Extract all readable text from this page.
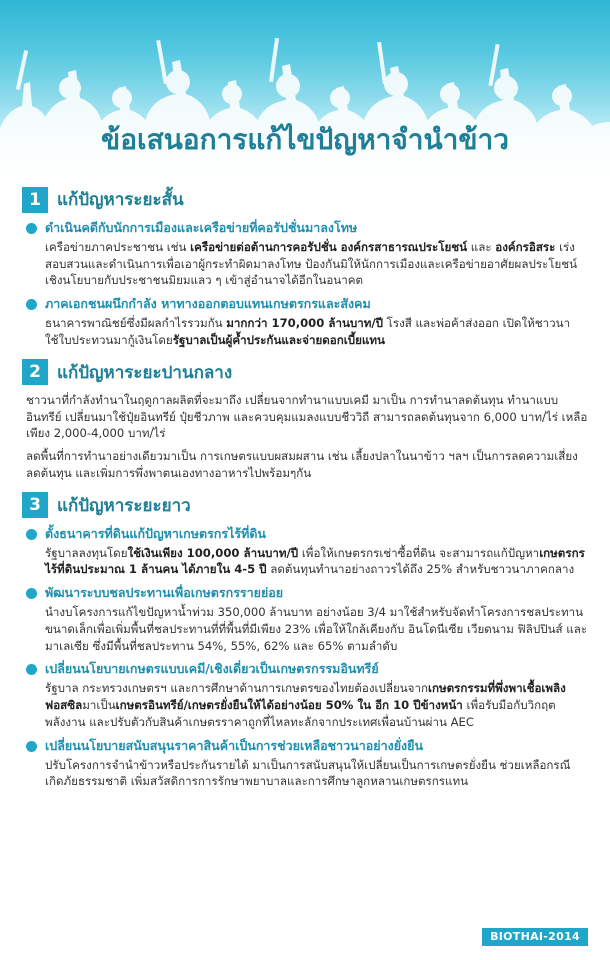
ข้อเสนอการแก้ไขปัญหาจำนำข้าว
1 แก้ปัญหาระยะสั้น
ดำเนินคดีกับนักการเมืองและเครือข่ายที่คอรัปชั่นมาลงโทษ
เครือข่ายภาคประชาชน เช่น เครือข่ายต่อต้านการคอรัปชั่น องค์กรสาธารณประโยชน์ และ องค์กรอิสระ เร่งสอบสวนและดำเนินการเพื่อเอาผู้กระทำผิดมาลงโทษ ป้องกันมิให้นักการเมืองและเครือข่ายอาศัยผลประโยชน์เชิงนโยบายกับประชาชนมิยมแลว ๆ เข้าสู่อำนาจได้อีกในอนาคต
ภาคเอกชนผนึกกำลัง หาทางออกตอบแทนเกษตรกรและสังคม
ธนาคารพาณิชย์ซึ่งมีผลกำไรรวมกัน มากกว่า 170,000 ล้านบาท/ปี โรงสี และพ่อค้าส่งออก เปิดให้ชาวนาใช้ใบประทวนมากู้เงินโดยรัฐบาลเป็นผู้ค้ำประกันและจ่ายดอกเบี้ยแทน
2 แก้ปัญหาระยะปานกลาง
ชาวนาที่กำลังทำนาในฤดูกาลผลิตที่จะมาถึง เปลี่ยนจากทำนาแบบเคมี มาเป็น การทำนาลดต้นทุน ทำนาแบบอินทรีย์ เปลี่ยนมาใช้ปุ๋ยอินทรีย์ ปุ๋ยชีวภาพ และควบคุมแมลงแบบชีววิถี สามารถลดต้นทุนจาก 6,000 บาท/ไร่ เหลือเพียง 2,000-4,000 บาท/ไร่
ลดพื้นที่การทำนาอย่างเดียวมาเป็น การเกษตรแบบผสมผสาน เช่น เลี้ยงปลาในนาข้าว ฯลฯ เป็นการลดความเสี่ยง ลดต้นทุน และเพิ่มการพึ่งพาตนเองทางอาหารไปพร้อมๆกัน
3 แก้ปัญหาระยะยาว
ตั้งธนาคารที่ดินแก้ปัญหาเกษตรกรไร้ที่ดิน
รัฐบาลลงทุนโดยใช้เงินเพียง 100,000 ล้านบาท/ปี เพื่อให้เกษตรกรเช่าซื้อที่ดิน จะสามารถแก้ปัญหาเกษตรกรไร้ที่ดินประมาณ 1 ล้านคน ได้ภายใน 4-5 ปี ลดต้นทุนทำนาอย่างถาวรได้ถึง 25% สำหรับชาวนาภาคกลาง
พัฒนาระบบชลประทานเพื่อเกษตรกรรายย่อย
นำงบโครงการแก้ไขปัญหาน้ำท่วม 350,000 ล้านบาท อย่างน้อย 3/4 มาใช้สำหรับจัดทำโครงการชลประทานขนาดเล็กเพื่อเพิ่มพื้นที่ชลประทานที่ที่พื้นที่มีเพียง 23% เพื่อให้ใกล้เคียงกับ อินโดนีเซีย เวียดนาม ฟิลิปปินส์ และมาเลเซีย ซึ่งมีพื้นที่ชลประทาน 54%, 55%, 62% และ 65% ตามลำดับ
เปลี่ยนนโยบายเกษตรแบบเคมี/เชิงเดี่ยวเป็นเกษตรกรรมอินทรีย์
รัฐบาล กระทรวงเกษตรฯ และการศึกษาด้านการเกษตรของไทยต้องเปลี่ยนจากเกษตรกรรมที่พึ่งพาเชื้อเพลิงฟอสซิลมาเป็นเกษตรอินทรีย์/เกษตรยั่งยืนให้ได้อย่างน้อย 50% ใน อีก 10 ปีข้างหน้า เพื่อรับมือกับวิกฤตพลังงาน และปรับตัวกับสินค้าเกษตรราคาถูกที่ไหลทะลักจากประเทศเพื่อนบ้านผ่าน AEC
เปลี่ยนนโยบายสนับสนุนราคาสินค้าเป็นการช่วยเหลือชาวนาอย่างยั่งยืน
ปรับโครงการจำนำข้าวหรือประกันรายได้ มาเป็นการสนับสนุนให้เปลี่ยนเป็นการเกษตรยั่งยืน ช่วยเหลือกรณีเกิดภัยธรรมชาติ เพิ่มสวัสดิการการรักษาพยาบาลและการศึกษาลูกหลานเกษตรกรแทน
BIOTHAI-2014
